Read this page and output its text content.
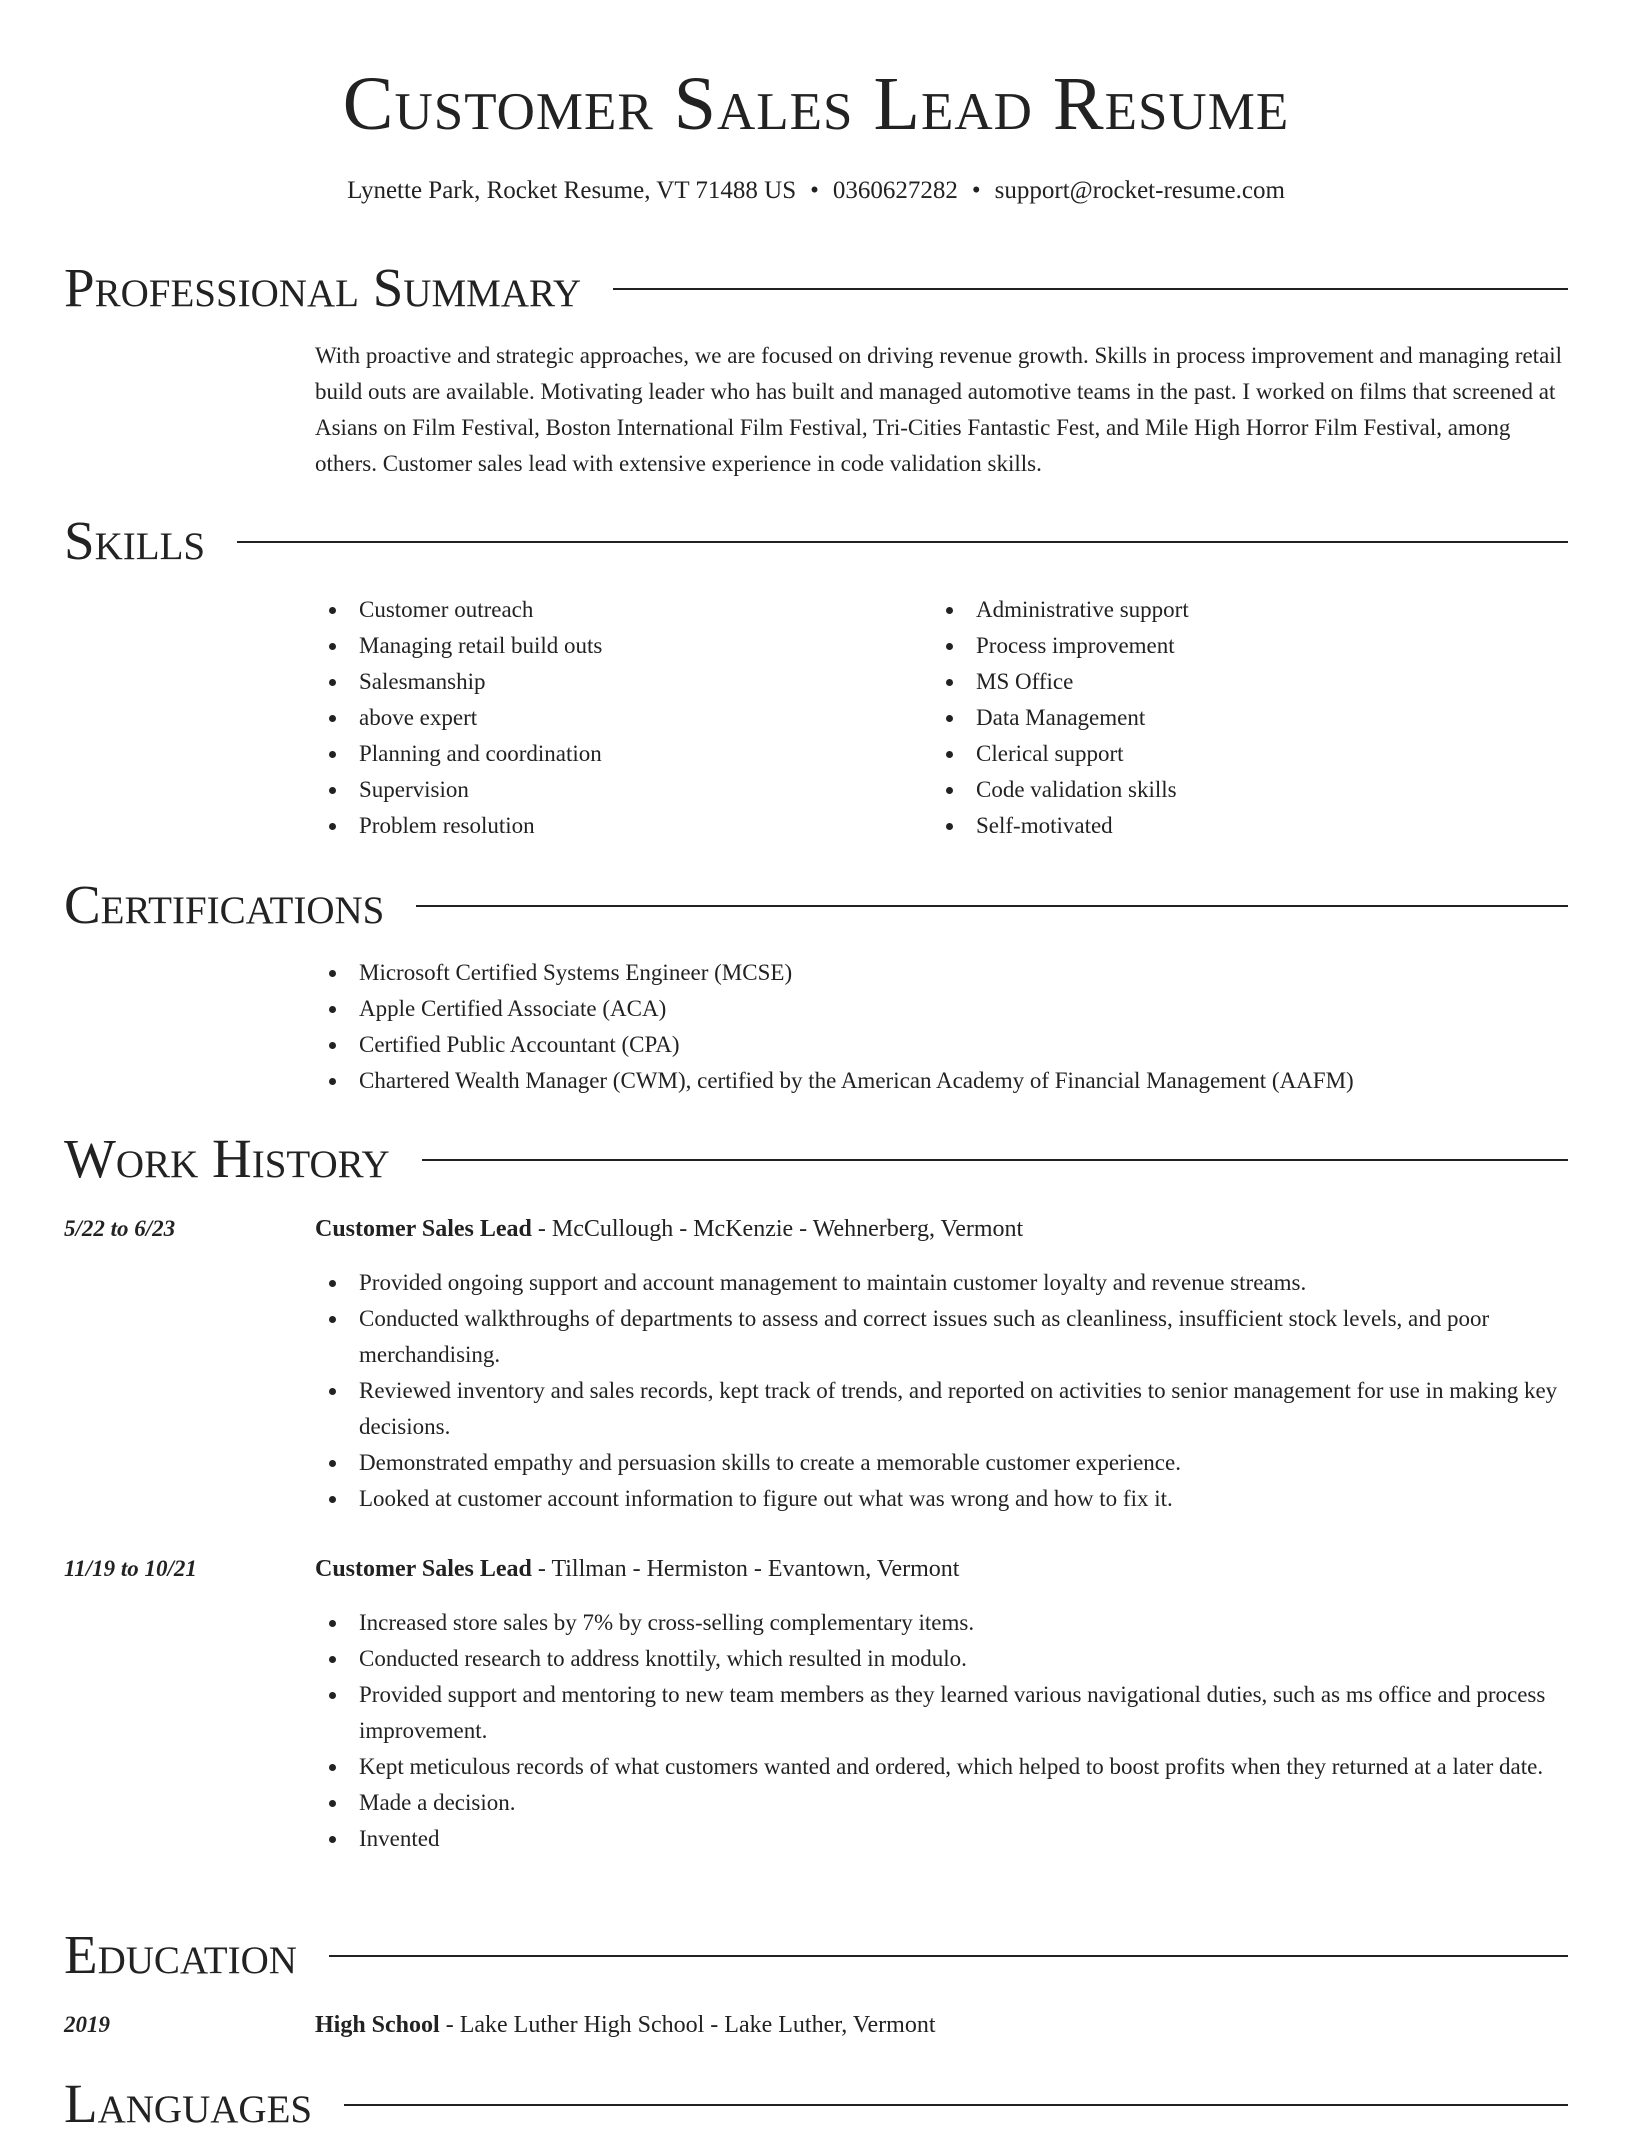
Customer Sales Lead Resume
Lynette Park, Rocket Resume, VT 71488 US • 0360627282 • support@rocket-resume.com
Professional Summary
With proactive and strategic approaches, we are focused on driving revenue growth. Skills in process improvement and managing retail build outs are available. Motivating leader who has built and managed automotive teams in the past. I worked on films that screened at Asians on Film Festival, Boston International Film Festival, Tri-Cities Fantastic Fest, and Mile High Horror Film Festival, among others. Customer sales lead with extensive experience in code validation skills.
Skills
Customer outreach
Managing retail build outs
Salesmanship
above expert
Planning and coordination
Supervision
Problem resolution
Administrative support
Process improvement
MS Office
Data Management
Clerical support
Code validation skills
Self-motivated
Certifications
Microsoft Certified Systems Engineer (MCSE)
Apple Certified Associate (ACA)
Certified Public Accountant (CPA)
Chartered Wealth Manager (CWM), certified by the American Academy of Financial Management (AAFM)
Work History
5/22 to 6/23	Customer Sales Lead - McCullough - McKenzie - Wehnerberg, Vermont
Provided ongoing support and account management to maintain customer loyalty and revenue streams.
Conducted walkthroughs of departments to assess and correct issues such as cleanliness, insufficient stock levels, and poor merchandising.
Reviewed inventory and sales records, kept track of trends, and reported on activities to senior management for use in making key decisions.
Demonstrated empathy and persuasion skills to create a memorable customer experience.
Looked at customer account information to figure out what was wrong and how to fix it.
11/19 to 10/21	Customer Sales Lead - Tillman - Hermiston - Evantown, Vermont
Increased store sales by 7% by cross-selling complementary items.
Conducted research to address knottily, which resulted in modulo.
Provided support and mentoring to new team members as they learned various navigational duties, such as ms office and process improvement.
Kept meticulous records of what customers wanted and ordered, which helped to boost profits when they returned at a later date.
Made a decision.
Invented
Education
2019	High School - Lake Luther High School - Lake Luther, Vermont
Languages
